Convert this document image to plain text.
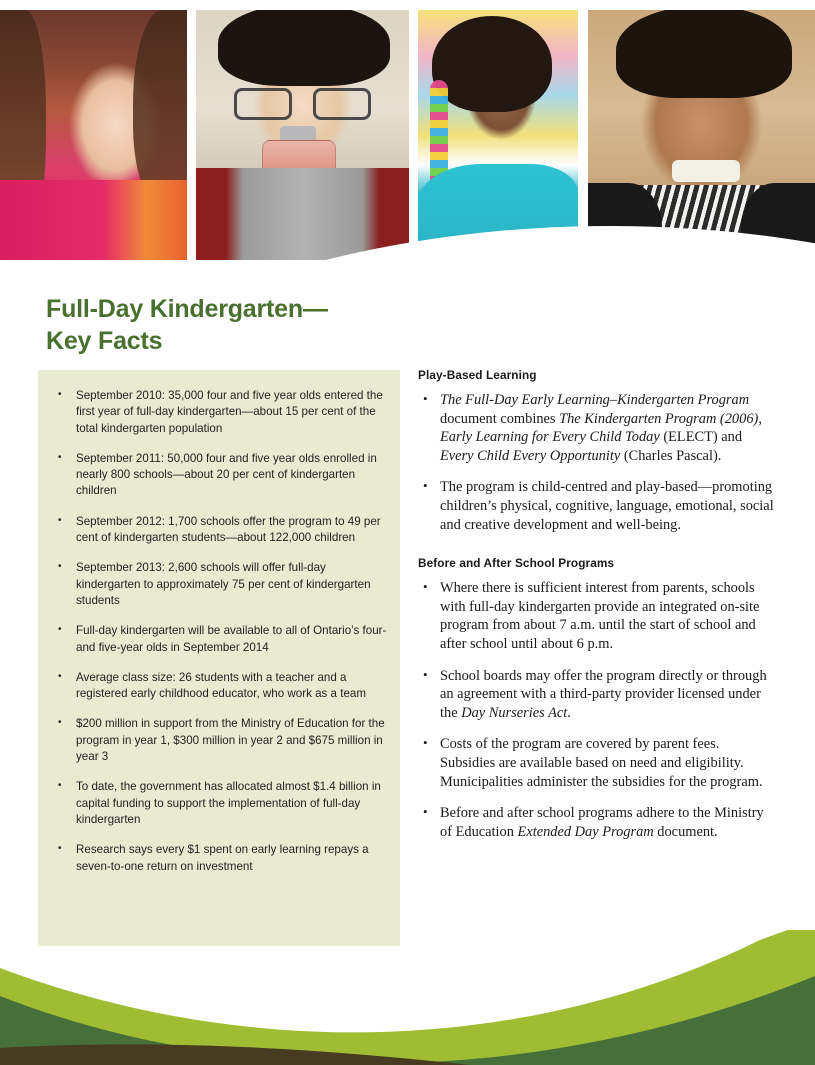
Full-Day Kindergarten—
Key Facts
• September 2010: 35,000 four and five year olds entered the first year of full-day kindergarten—about 15 per cent of the total kindergarten population
• September 2011: 50,000 four and five year olds enrolled in nearly 800 schools—about 20 per cent of kindergarten children
• September 2012: 1,700 schools offer the program to 49 per cent of kindergarten students—about 122,000 children
• September 2013: 2,600 schools will offer full-day kindergarten to approximately 75 per cent of kindergarten students
• Full-day kindergarten will be available to all of Ontario’s four- and five-year olds in September 2014
• Average class size: 26 students with a teacher and a registered early childhood educator, who work as a team
• $200 million in support from the Ministry of Education for the program in year 1, $300 million in year 2 and $675 million in year 3
• To date, the government has allocated almost $1.4 billion in capital funding to support the implementation of full-day kindergarten
• Research says every $1 spent on early learning repays a seven-to-one return on investment
Play-Based Learning
• The Full-Day Early Learning–Kindergarten Program document combines The Kindergarten Program (2006), Early Learning for Every Child Today (ELECT) and Every Child Every Opportunity (Charles Pascal).
• The program is child-centred and play-based—promoting children’s physical, cognitive, language, emotional, social and creative development and well-being.
Before and After School Programs
• Where there is sufficient interest from parents, schools with full-day kindergarten provide an integrated on-site program from about 7 a.m. until the start of school and after school until about 6 p.m.
• School boards may offer the program directly or through an agreement with a third-party provider licensed under the Day Nurseries Act.
• Costs of the program are covered by parent fees. Subsidies are available based on need and eligibility. Municipalities administer the subsidies for the program.
• Before and after school programs adhere to the Ministry of Education Extended Day Program document.
